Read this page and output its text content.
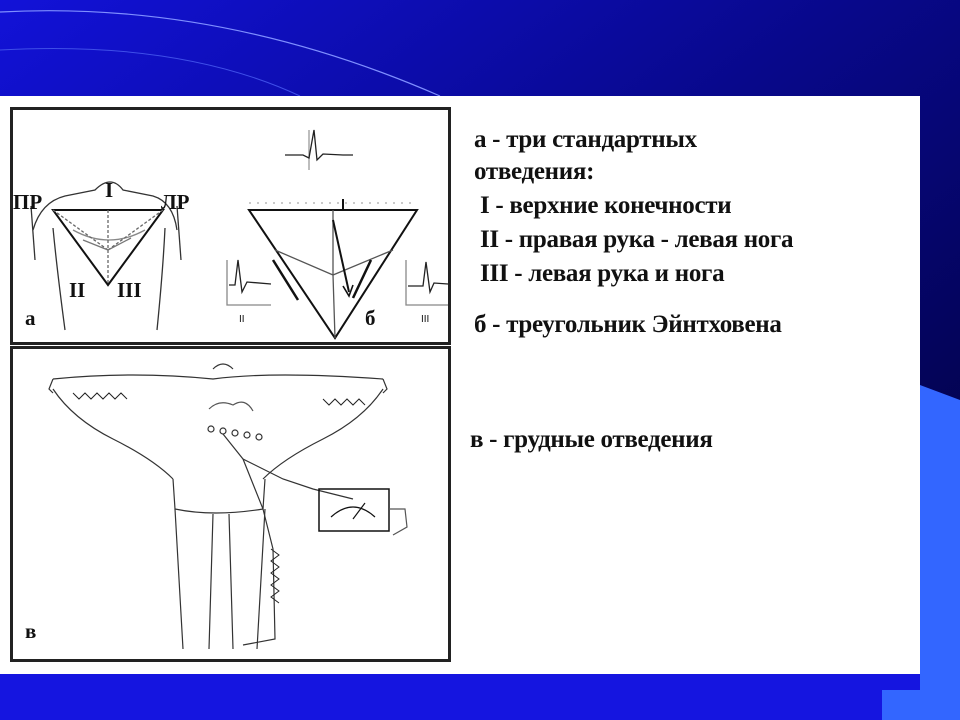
I
ПР	ЛР
II III
а	б
II	III
в
а - три стандартных
отведения:
I - верхние конечности
II - правая рука - левая нога
III - левая рука и нога
б - треугольник Эйнтховена
в - грудные отведения
